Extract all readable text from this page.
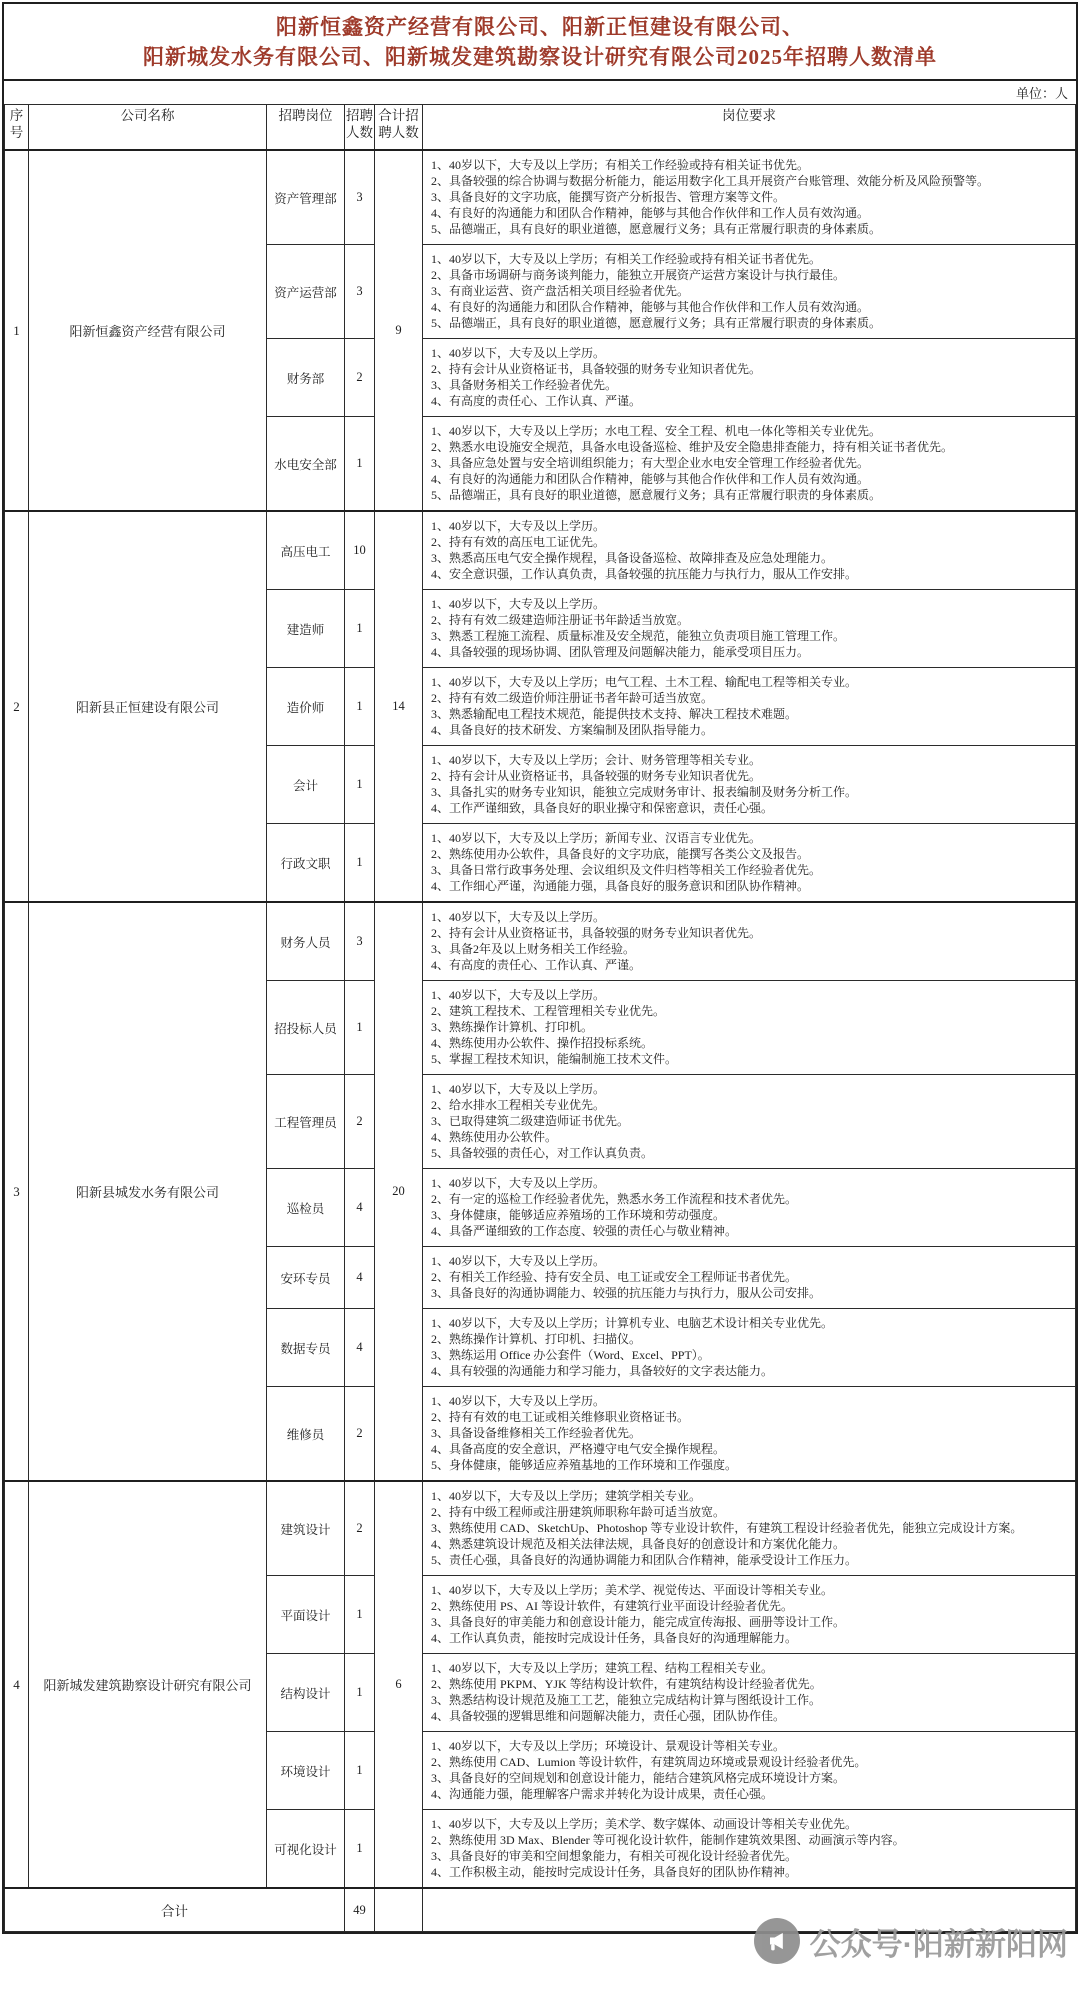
阳新恒鑫资产经营有限公司、阳新正恒建设有限公司、
阳新城发水务有限公司、阳新城发建筑勘察设计研究有限公司2025年招聘人数清单
单位：人
序号	公司名称	招聘岗位	招聘人数	合计招聘人数	岗位要求

1	阳新恒鑫资产经营有限公司	资产管理部	3	9	1、40岁以下，大专及以上学历；有相关工作经验或持有相关证书优先。
2、具备较强的综合协调与数据分析能力，能运用数字化工具开展资产台账管理、效能分析及风险预警等。
3、具备良好的文字功底，能撰写资产分析报告、管理方案等文件。
4、有良好的沟通能力和团队合作精神，能够与其他合作伙伴和工作人员有效沟通。
5、品德端正，具有良好的职业道德，愿意履行义务；具有正常履行职责的身体素质。

		资产运营部	3		1、40岁以下，大专及以上学历；有相关工作经验或持有相关证书者优先。
2、具备市场调研与商务谈判能力，能独立开展资产运营方案设计与执行最佳。
3、有商业运营、资产盘活相关项目经验者优先。
4、有良好的沟通能力和团队合作精神，能够与其他合作伙伴和工作人员有效沟通。
5、品德端正，具有良好的职业道德，愿意履行义务；具有正常履行职责的身体素质。

		财务部	2		1、40岁以下，大专及以上学历。
2、持有会计从业资格证书，具备较强的财务专业知识者优先。
3、具备财务相关工作经验者优先。
4、有高度的责任心、工作认真、严谨。

		水电安全部	1		1、40岁以下，大专及以上学历；水电工程、安全工程、机电一体化等相关专业优先。
2、熟悉水电设施安全规范，具备水电设备巡检、维护及安全隐患排查能力，持有相关证书者优先。
3、具备应急处置与安全培训组织能力；有大型企业水电安全管理工作经验者优先。
4、有良好的沟通能力和团队合作精神，能够与其他合作伙伴和工作人员有效沟通。
5、品德端正，具有良好的职业道德，愿意履行义务；具有正常履行职责的身体素质。

2	阳新县正恒建设有限公司	高压电工	10	14	1、40岁以下，大专及以上学历。
2、持有有效的高压电工证优先。
3、熟悉高压电气安全操作规程，具备设备巡检、故障排查及应急处理能力。
4、安全意识强，工作认真负责，具备较强的抗压能力与执行力，服从工作安排。

		建造师	1		1、40岁以下，大专及以上学历。
2、持有有效二级建造师注册证书年龄适当放宽。
3、熟悉工程施工流程、质量标准及安全规范，能独立负责项目施工管理工作。
4、具备较强的现场协调、团队管理及问题解决能力，能承受项目压力。

		造价师	1		1、40岁以下，大专及以上学历；电气工程、土木工程、输配电工程等相关专业。
2、持有有效二级造价师注册证书者年龄可适当放宽。
3、熟悉输配电工程技术规范，能提供技术支持、解决工程技术难题。
4、具备良好的技术研发、方案编制及团队指导能力。

		会计	1		1、40岁以下，大专及以上学历；会计、财务管理等相关专业。
2、持有会计从业资格证书，具备较强的财务专业知识者优先。
3、具备扎实的财务专业知识，能独立完成财务审计、报表编制及财务分析工作。
4、工作严谨细致，具备良好的职业操守和保密意识，责任心强。

		行政文职	1		1、40岁以下，大专及以上学历；新闻专业、汉语言专业优先。
2、熟练使用办公软件，具备良好的文字功底，能撰写各类公文及报告。
3、具备日常行政事务处理、会议组织及文件归档等相关工作经验者优先。
4、工作细心严谨，沟通能力强，具备良好的服务意识和团队协作精神。

3	阳新县城发水务有限公司	财务人员	3	20	1、40岁以下，大专及以上学历。
2、持有会计从业资格证书，具备较强的财务专业知识者优先。
3、具备2年及以上财务相关工作经验。
4、有高度的责任心、工作认真、严谨。

		招投标人员	1		1、40岁以下，大专及以上学历。
2、建筑工程技术、工程管理相关专业优先。
3、熟练操作计算机、打印机。
4、熟练使用办公软件、操作招投标系统。
5、掌握工程技术知识，能编制施工技术文件。

		工程管理员	2		1、40岁以下，大专及以上学历。
2、给水排水工程相关专业优先。
3、已取得建筑二级建造师证书优先。
4、熟练使用办公软件。
5、具备较强的责任心，对工作认真负责。

		巡检员	4		1、40岁以下，大专及以上学历。
2、有一定的巡检工作经验者优先，熟悉水务工作流程和技术者优先。
3、身体健康，能够适应养殖场的工作环境和劳动强度。
4、具备严谨细致的工作态度、较强的责任心与敬业精神。

		安环专员	4		1、40岁以下，大专及以上学历。
2、有相关工作经验、持有安全员、电工证或安全工程师证书者优先。
3、具备良好的沟通协调能力、较强的抗压能力与执行力，服从公司安排。

		数据专员	4		1、40岁以下，大专及以上学历；计算机专业、电脑艺术设计相关专业优先。
2、熟练操作计算机、打印机、扫描仪。
3、熟练运用 Office 办公套件（Word、Excel、PPT）。
4、具有较强的沟通能力和学习能力，具备较好的文字表达能力。

		维修员	2		1、40岁以下，大专及以上学历。
2、持有有效的电工证或相关维修职业资格证书。
3、具备设备维修相关工作经验者优先。
4、具备高度的安全意识，严格遵守电气安全操作规程。
5、身体健康，能够适应养殖基地的工作环境和工作强度。

4	阳新城发建筑勘察设计研究有限公司	建筑设计	2	6	1、40岁以下，大专及以上学历；建筑学相关专业。
2、持有中级工程师或注册建筑师职称年龄可适当放宽。
3、熟练使用 CAD、SketchUp、Photoshop 等专业设计软件，有建筑工程设计经验者优先，能独立完成设计方案。
4、熟悉建筑设计规范及相关法律法规，具备良好的创意设计和方案优化能力。
5、责任心强，具备良好的沟通协调能力和团队合作精神，能承受设计工作压力。

		平面设计	1		1、40岁以下，大专及以上学历；美术学、视觉传达、平面设计等相关专业。
2、熟练使用 PS、AI 等设计软件，有建筑行业平面设计经验者优先。
3、具备良好的审美能力和创意设计能力，能完成宣传海报、画册等设计工作。
4、工作认真负责，能按时完成设计任务，具备良好的沟通理解能力。

		结构设计	1		1、40岁以下，大专及以上学历；建筑工程、结构工程相关专业。
2、熟练使用 PKPM、YJK 等结构设计软件，有建筑结构设计经验者优先。
3、熟悉结构设计规范及施工工艺，能独立完成结构计算与图纸设计工作。
4、具备较强的逻辑思维和问题解决能力，责任心强，团队协作佳。

		环境设计	1		1、40岁以下，大专及以上学历；环境设计、景观设计等相关专业。
2、熟练使用 CAD、Lumion 等设计软件，有建筑周边环境或景观设计经验者优先。
3、具备良好的空间规划和创意设计能力，能结合建筑风格完成环境设计方案。
4、沟通能力强，能理解客户需求并转化为设计成果，责任心强。

		可视化设计	1		1、40岁以下，大专及以上学历；美术学、数字媒体、动画设计等相关专业优先。
2、熟练使用 3D Max、Blender 等可视化设计软件，能制作建筑效果图、动画演示等内容。
3、具备良好的审美和空间想象能力，有相关可视化设计经验者优先。
4、工作积极主动，能按时完成设计任务，具备良好的团队协作精神。

合计			49		
公众号·阳新新阳网
